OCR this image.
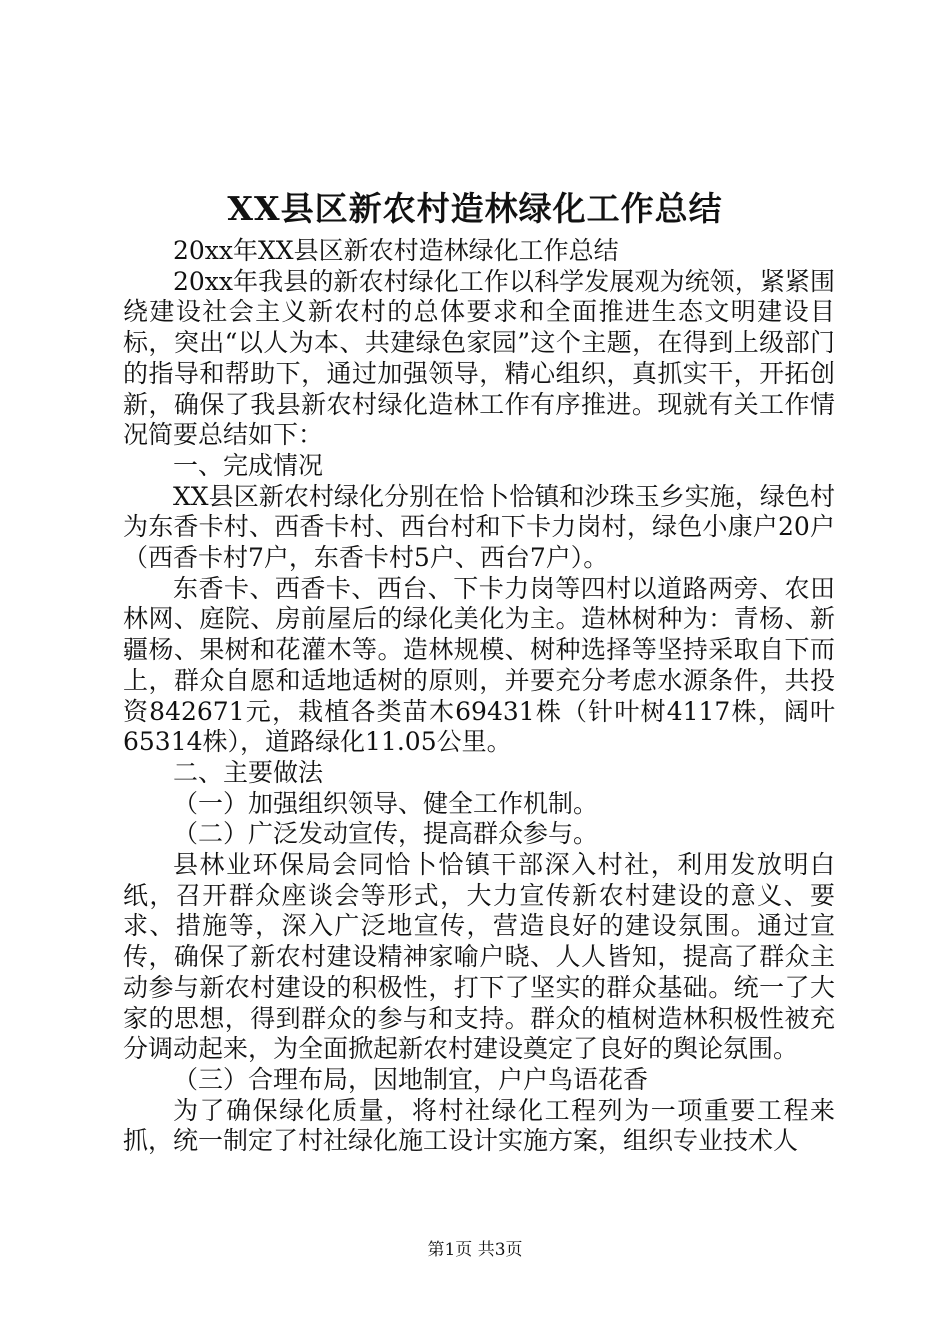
XX县区新农村造林绿化工作总结

20xx年XX县区新农村造林绿化工作总结

20xx年我县的新农村绿化工作以科学发展观为统领，紧紧围绕建设社会主义新农村的总体要求和全面推进生态文明建设目标，突出“以人为本、共建绿色家园”这个主题，在得到上级部门的指导和帮助下，通过加强领导，精心组织，真抓实干，开拓创新，确保了我县新农村绿化造林工作有序推进。现就有关工作情况简要总结如下：

一、完成情况

XX县区新农村绿化分别在恰卜恰镇和沙珠玉乡实施，绿色村为东香卡村、西香卡村、西台村和下卡力岗村，绿色小康户20户（西香卡村7户，东香卡村5户、西台7户）。

东香卡、西香卡、西台、下卡力岗等四村以道路两旁、农田林网、庭院、房前屋后的绿化美化为主。造林树种为：青杨、新疆杨、果树和花灌木等。造林规模、树种选择等坚持采取自下而上，群众自愿和适地适树的原则，并要充分考虑水源条件，共投资842671元，栽植各类苗木69431株（针叶树4117株，阔叶65314株），道路绿化11.05公里。

二、主要做法

（一）加强组织领导、健全工作机制。

（二）广泛发动宣传，提高群众参与。

县林业环保局会同恰卜恰镇干部深入村社，利用发放明白纸，召开群众座谈会等形式，大力宣传新农村建设的意义、要求、措施等，深入广泛地宣传，营造良好的建设氛围。通过宣传，确保了新农村建设精神家喻户晓、人人皆知，提高了群众主动参与新农村建设的积极性，打下了坚实的群众基础。统一了大家的思想，得到群众的参与和支持。群众的植树造林积极性被充分调动起来，为全面掀起新农村建设奠定了良好的舆论氛围。

（三）合理布局，因地制宜，户户鸟语花香

为了确保绿化质量，将村社绿化工程列为一项重要工程来抓，统一制定了村社绿化施工设计实施方案，组织专业技术人

第1页 共3页
